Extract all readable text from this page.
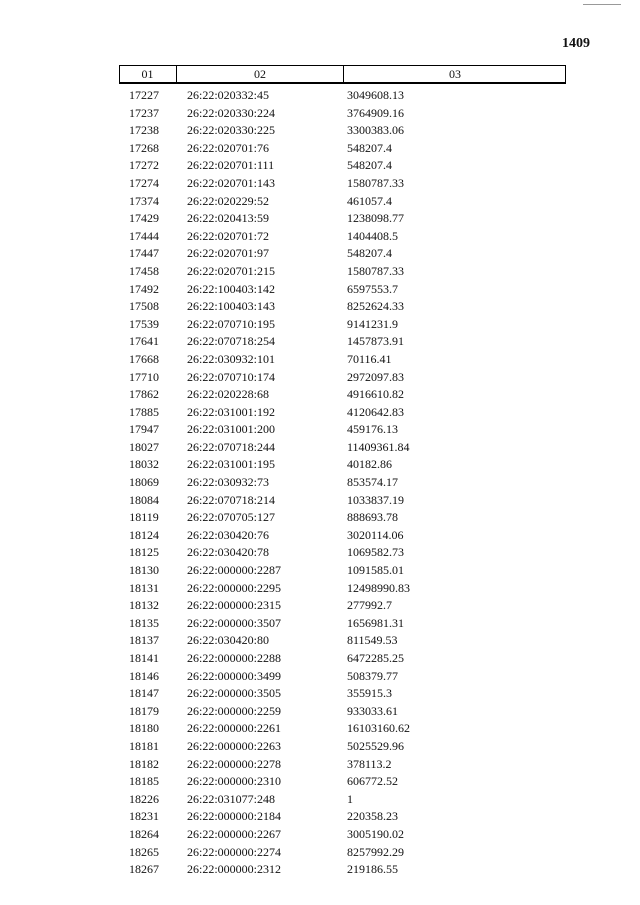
1409
01	02	03
17227	26:22:020332:45	3049608.13
17237	26:22:020330:224	3764909.16
17238	26:22:020330:225	3300383.06
17268	26:22:020701:76	548207.4
17272	26:22:020701:111	548207.4
17274	26:22:020701:143	1580787.33
17374	26:22:020229:52	461057.4
17429	26:22:020413:59	1238098.77
17444	26:22:020701:72	1404408.5
17447	26:22:020701:97	548207.4
17458	26:22:020701:215	1580787.33
17492	26:22:100403:142	6597553.7
17508	26:22:100403:143	8252624.33
17539	26:22:070710:195	9141231.9
17641	26:22:070718:254	1457873.91
17668	26:22:030932:101	70116.41
17710	26:22:070710:174	2972097.83
17862	26:22:020228:68	4916610.82
17885	26:22:031001:192	4120642.83
17947	26:22:031001:200	459176.13
18027	26:22:070718:244	11409361.84
18032	26:22:031001:195	40182.86
18069	26:22:030932:73	853574.17
18084	26:22:070718:214	1033837.19
18119	26:22:070705:127	888693.78
18124	26:22:030420:76	3020114.06
18125	26:22:030420:78	1069582.73
18130	26:22:000000:2287	1091585.01
18131	26:22:000000:2295	12498990.83
18132	26:22:000000:2315	277992.7
18135	26:22:000000:3507	1656981.31
18137	26:22:030420:80	811549.53
18141	26:22:000000:2288	6472285.25
18146	26:22:000000:3499	508379.77
18147	26:22:000000:3505	355915.3
18179	26:22:000000:2259	933033.61
18180	26:22:000000:2261	16103160.62
18181	26:22:000000:2263	5025529.96
18182	26:22:000000:2278	378113.2
18185	26:22:000000:2310	606772.52
18226	26:22:031077:248	1
18231	26:22:000000:2184	220358.23
18264	26:22:000000:2267	3005190.02
18265	26:22:000000:2274	8257992.29
18267	26:22:000000:2312	219186.55
